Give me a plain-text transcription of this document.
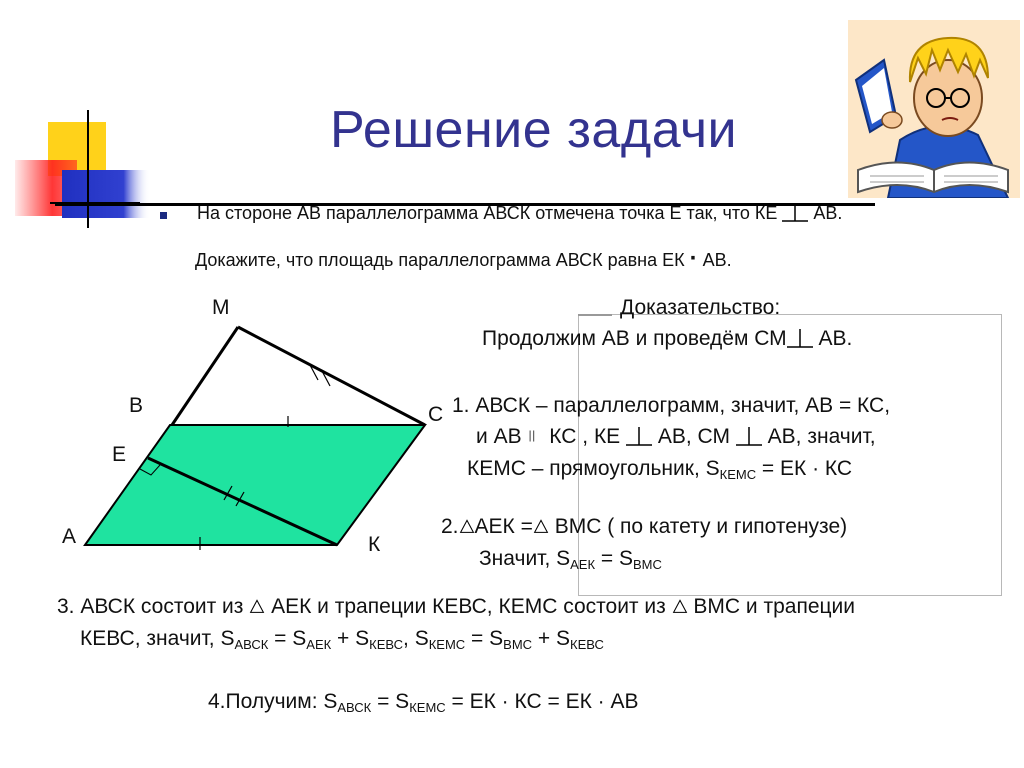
Решение задачи
На стороне АВ параллелограмма АВСК отмечена точка Е так, что КЕ АВ.
Докажите, что площадь параллелограмма АВСК равна ЕК · АВ.
М
В	С
Е
А	К
Доказательство:
Продолжим АВ и проведём СМ АВ.
1. АВСК – параллелограмм, значит, АВ = КС,
и АВ КС , КЕ АВ, СМ АВ, значит,
КЕМС – прямоугольник, $S_{КЕМС}$ = ЕК · КС
2. АЕК = ВМС ( по катету и гипотенузе)
Значит, $S_{АЕК} = S_{ВМС}$
3. АВСК состоит из  АЕК и трапеции КЕВС, КЕМС состоит из  ВМС и трапеции
КЕВС, значит, $S_{АВСК} = S_{АЕК} + S_{КЕВС}$, $S_{КЕМС} = S_{ВМС} + S_{КЕВС}$
4.Получим: $S_{АВСК} = S_{КЕМС}$ = ЕК · КС = ЕК · АВ
